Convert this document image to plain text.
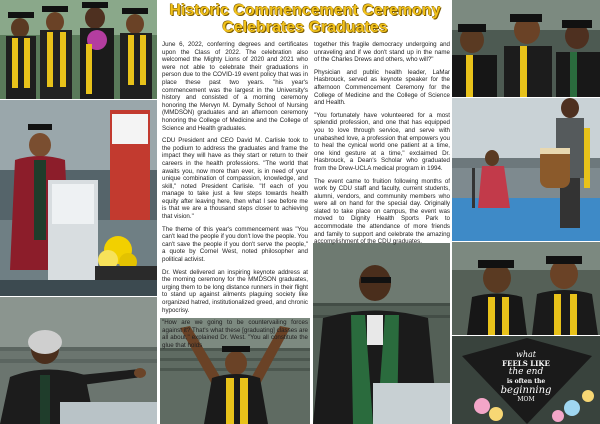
what
FEELS LIKE
the end
is often the
beginning
MOM
Historic Commencement Ceremony
Celebrates Graduates

June 6, 2022, conferring degrees and certificates upon the Class of 2022. The celebration also welcomed the Mighty Lions of 2020 and 2021 who were not able to celebrate their graduations in person due to the COVID-19 event policy that was in place these past two years. "his year's commencement was the largest in the University's history and consisted of a morning ceremony honoring the Mervyn M. Dymally School of Nursing (MMDSON) graduates and an afternoon ceremony honoring the College of Medicine and the College of Science and Health graduates.

CDU President and CEO David M. Carlisle took to the podium to address the graduates and frame the impact they will have as they start or return to their careers in the health professions. "The world that awaits you, now more than ever, is in need of your unique combination of compassion, knowledge, and skill," noted President Carlisle. "If each of you manage to take just a few steps towards health equity after leaving here, then what I see before me is that we are a thousand steps closer to achieving that vision."

The theme of this year's commencement was "You can't lead the people if you don't love the people. You can't save the people if you don't serve the people," a quote by Cornel West, noted philosopher and political activist.

Dr. West delivered an inspiring keynote address at the morning ceremony for the MMDSON graduates, urging them to be long distance runners in their flight to stand up against ailments plaguing society like organized hatred, institutionalized greed, and chronic hypocrisy.

"How are we going to be countervailing forces against it? That's what these [graduating] classes are all about," explained Dr. West. "You all constitute the glue that holds

together this fragile democracy undergoing and unraveling and if we don't stand up in the name of the Charles Drews and others, who will?"

Physician and public health leader, LaMar Hasbrouck, served as keynote speaker for the afternoon Commencement Ceremony for the College of Medicine and the College of Science and Health.

"You fortunately have volunteered for a most splendid profession, and one that has equipped you to love through service, and serve with unabashed love, a profession that empowers you to heal the cynical world one patient at a time, one kind gesture at a time," exclaimed Dr. Hasbrouck, a Dean's Scholar who graduated from the Drew-UCLA medical program in 1994.

The event came to fruition following months of work by CDU staff and faculty, current students, alumni, vendors, and community members who were all on hand for the special day. Originally slated to take place on campus, the event was moved to Dignity Health Sports Park to accommodate the attendance of more friends and family to support and celebrate the amazing accomplishment of the CDU graduates.
